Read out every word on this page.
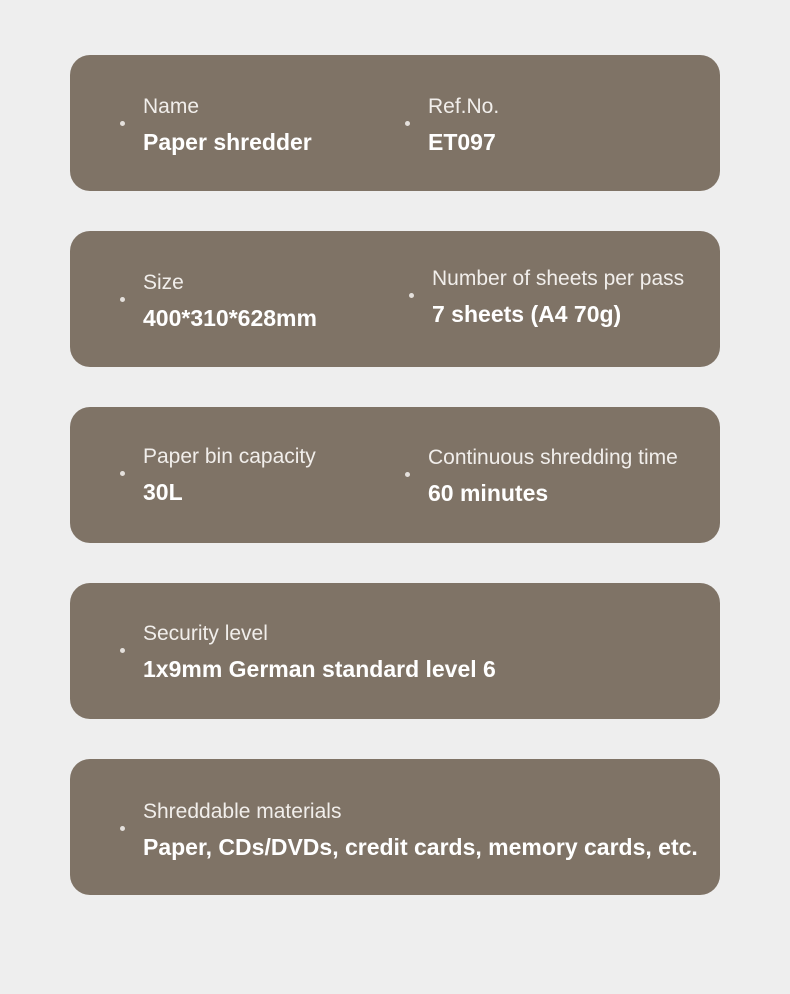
Name
Paper shredder
Ref.No.
ET097
Size
400*310*628mm
Number of sheets per pass
7 sheets (A4 70g)
Paper bin capacity
30L
Continuous shredding time
60 minutes
Security level
1x9mm German standard level 6
Shreddable materials
Paper, CDs/DVDs, credit cards, memory cards, etc.
